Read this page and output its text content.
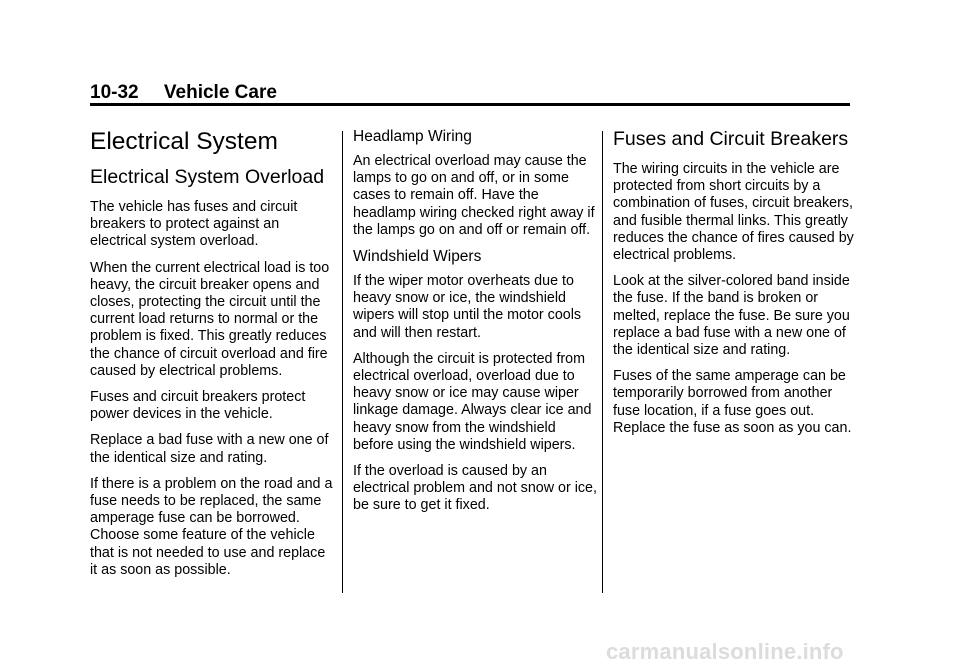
10-32 Vehicle Care
Electrical System
Electrical System Overload

The vehicle has fuses and circuit breakers to protect against an electrical system overload.

When the current electrical load is too heavy, the circuit breaker opens and closes, protecting the circuit until the current load returns to normal or the problem is fixed. This greatly reduces the chance of circuit overload and fire caused by electrical problems.

Fuses and circuit breakers protect power devices in the vehicle.

Replace a bad fuse with a new one of the identical size and rating.

If there is a problem on the road and a fuse needs to be replaced, the same amperage fuse can be borrowed. Choose some feature of the vehicle that is not needed to use and replace it as soon as possible.

Headlamp Wiring

An electrical overload may cause the lamps to go on and off, or in some cases to remain off. Have the headlamp wiring checked right away if the lamps go on and off or remain off.

Windshield Wipers

If the wiper motor overheats due to heavy snow or ice, the windshield wipers will stop until the motor cools and will then restart.

Although the circuit is protected from electrical overload, overload due to heavy snow or ice may cause wiper linkage damage. Always clear ice and heavy snow from the windshield before using the windshield wipers.

If the overload is caused by an electrical problem and not snow or ice, be sure to get it fixed.

Fuses and Circuit Breakers

The wiring circuits in the vehicle are protected from short circuits by a combination of fuses, circuit breakers, and fusible thermal links. This greatly reduces the chance of fires caused by electrical problems.

Look at the silver-colored band inside the fuse. If the band is broken or melted, replace the fuse. Be sure you replace a bad fuse with a new one of the identical size and rating.

Fuses of the same amperage can be temporarily borrowed from another fuse location, if a fuse goes out. Replace the fuse as soon as you can.

carmanualsonline.info
